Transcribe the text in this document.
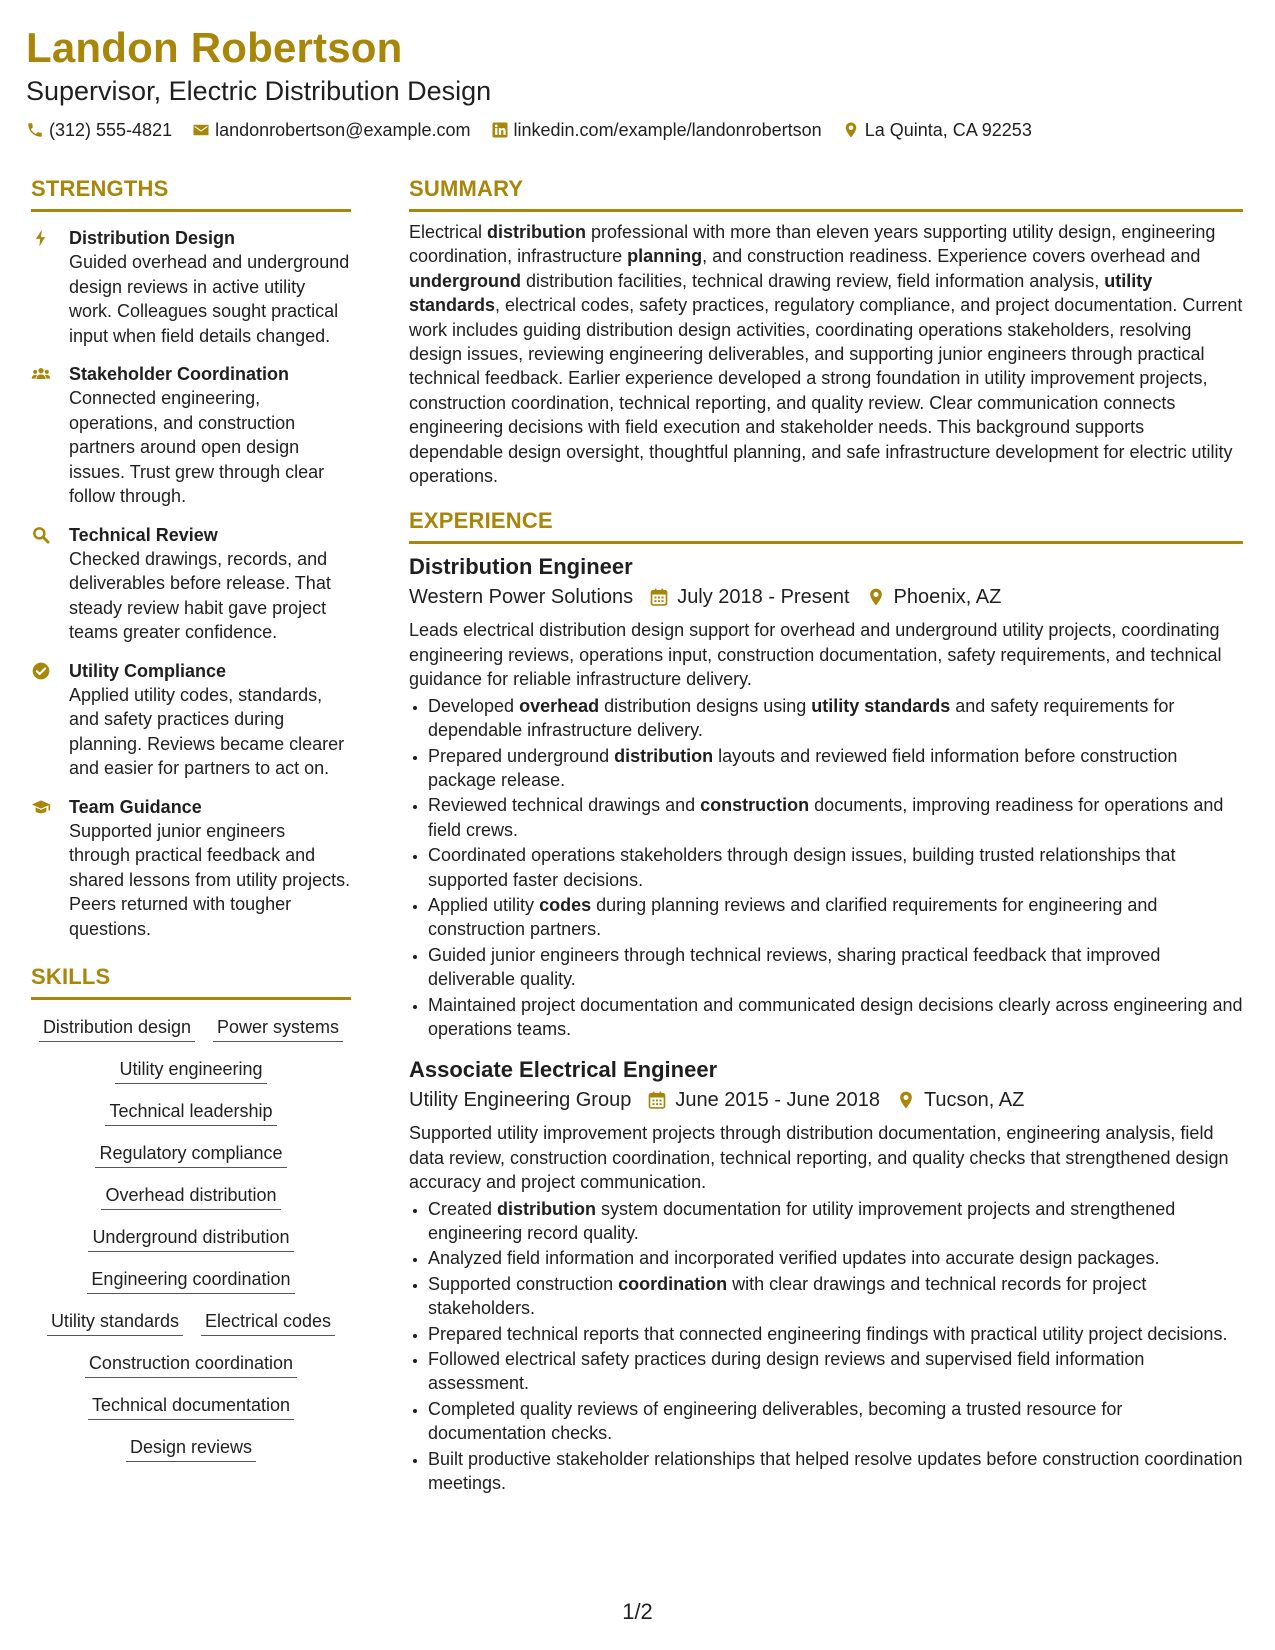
Landon Robertson
Supervisor, Electric Distribution Design
(312) 555-4821 landonrobertson@example.com linkedin.com/example/landonrobertson La Quinta, CA 92253
STRENGTHS
Distribution Design
Guided overhead and underground design reviews in active utility work. Colleagues sought practical input when field details changed.
Stakeholder Coordination
Connected engineering, operations, and construction partners around open design issues. Trust grew through clear follow through.
Technical Review
Checked drawings, records, and deliverables before release. That steady review habit gave project teams greater confidence.
Utility Compliance
Applied utility codes, standards, and safety practices during planning. Reviews became clearer and easier for partners to act on.
Team Guidance
Supported junior engineers through practical feedback and shared lessons from utility projects. Peers returned with tougher questions.
SKILLS
Distribution design Power systems
Utility engineering
Technical leadership
Regulatory compliance
Overhead distribution
Underground distribution
Engineering coordination
Utility standards Electrical codes
Construction coordination
Technical documentation
Design reviews
SUMMARY
Electrical distribution professional with more than eleven years supporting utility design, engineering coordination, infrastructure planning, and construction readiness. Experience covers overhead and underground distribution facilities, technical drawing review, field information analysis, utility standards, electrical codes, safety practices, regulatory compliance, and project documentation. Current work includes guiding distribution design activities, coordinating operations stakeholders, resolving design issues, reviewing engineering deliverables, and supporting junior engineers through practical technical feedback. Earlier experience developed a strong foundation in utility improvement projects, construction coordination, technical reporting, and quality review. Clear communication connects engineering decisions with field execution and stakeholder needs. This background supports dependable design oversight, thoughtful planning, and safe infrastructure development for electric utility operations.
EXPERIENCE
Distribution Engineer
Western Power Solutions July 2018 - Present Phoenix, AZ
Leads electrical distribution design support for overhead and underground utility projects, coordinating engineering reviews, operations input, construction documentation, safety requirements, and technical guidance for reliable infrastructure delivery.
• Developed overhead distribution designs using utility standards and safety requirements for dependable infrastructure delivery.
• Prepared underground distribution layouts and reviewed field information before construction package release.
• Reviewed technical drawings and construction documents, improving readiness for operations and field crews.
• Coordinated operations stakeholders through design issues, building trusted relationships that supported faster decisions.
• Applied utility codes during planning reviews and clarified requirements for engineering and construction partners.
• Guided junior engineers through technical reviews, sharing practical feedback that improved deliverable quality.
• Maintained project documentation and communicated design decisions clearly across engineering and operations teams.
Associate Electrical Engineer
Utility Engineering Group June 2015 - June 2018 Tucson, AZ
Supported utility improvement projects through distribution documentation, engineering analysis, field data review, construction coordination, technical reporting, and quality checks that strengthened design accuracy and project communication.
• Created distribution system documentation for utility improvement projects and strengthened engineering record quality.
• Analyzed field information and incorporated verified updates into accurate design packages.
• Supported construction coordination with clear drawings and technical records for project stakeholders.
• Prepared technical reports that connected engineering findings with practical utility project decisions.
• Followed electrical safety practices during design reviews and supervised field information assessment.
• Completed quality reviews of engineering deliverables, becoming a trusted resource for documentation checks.
• Built productive stakeholder relationships that helped resolve updates before construction coordination meetings.
1/2
